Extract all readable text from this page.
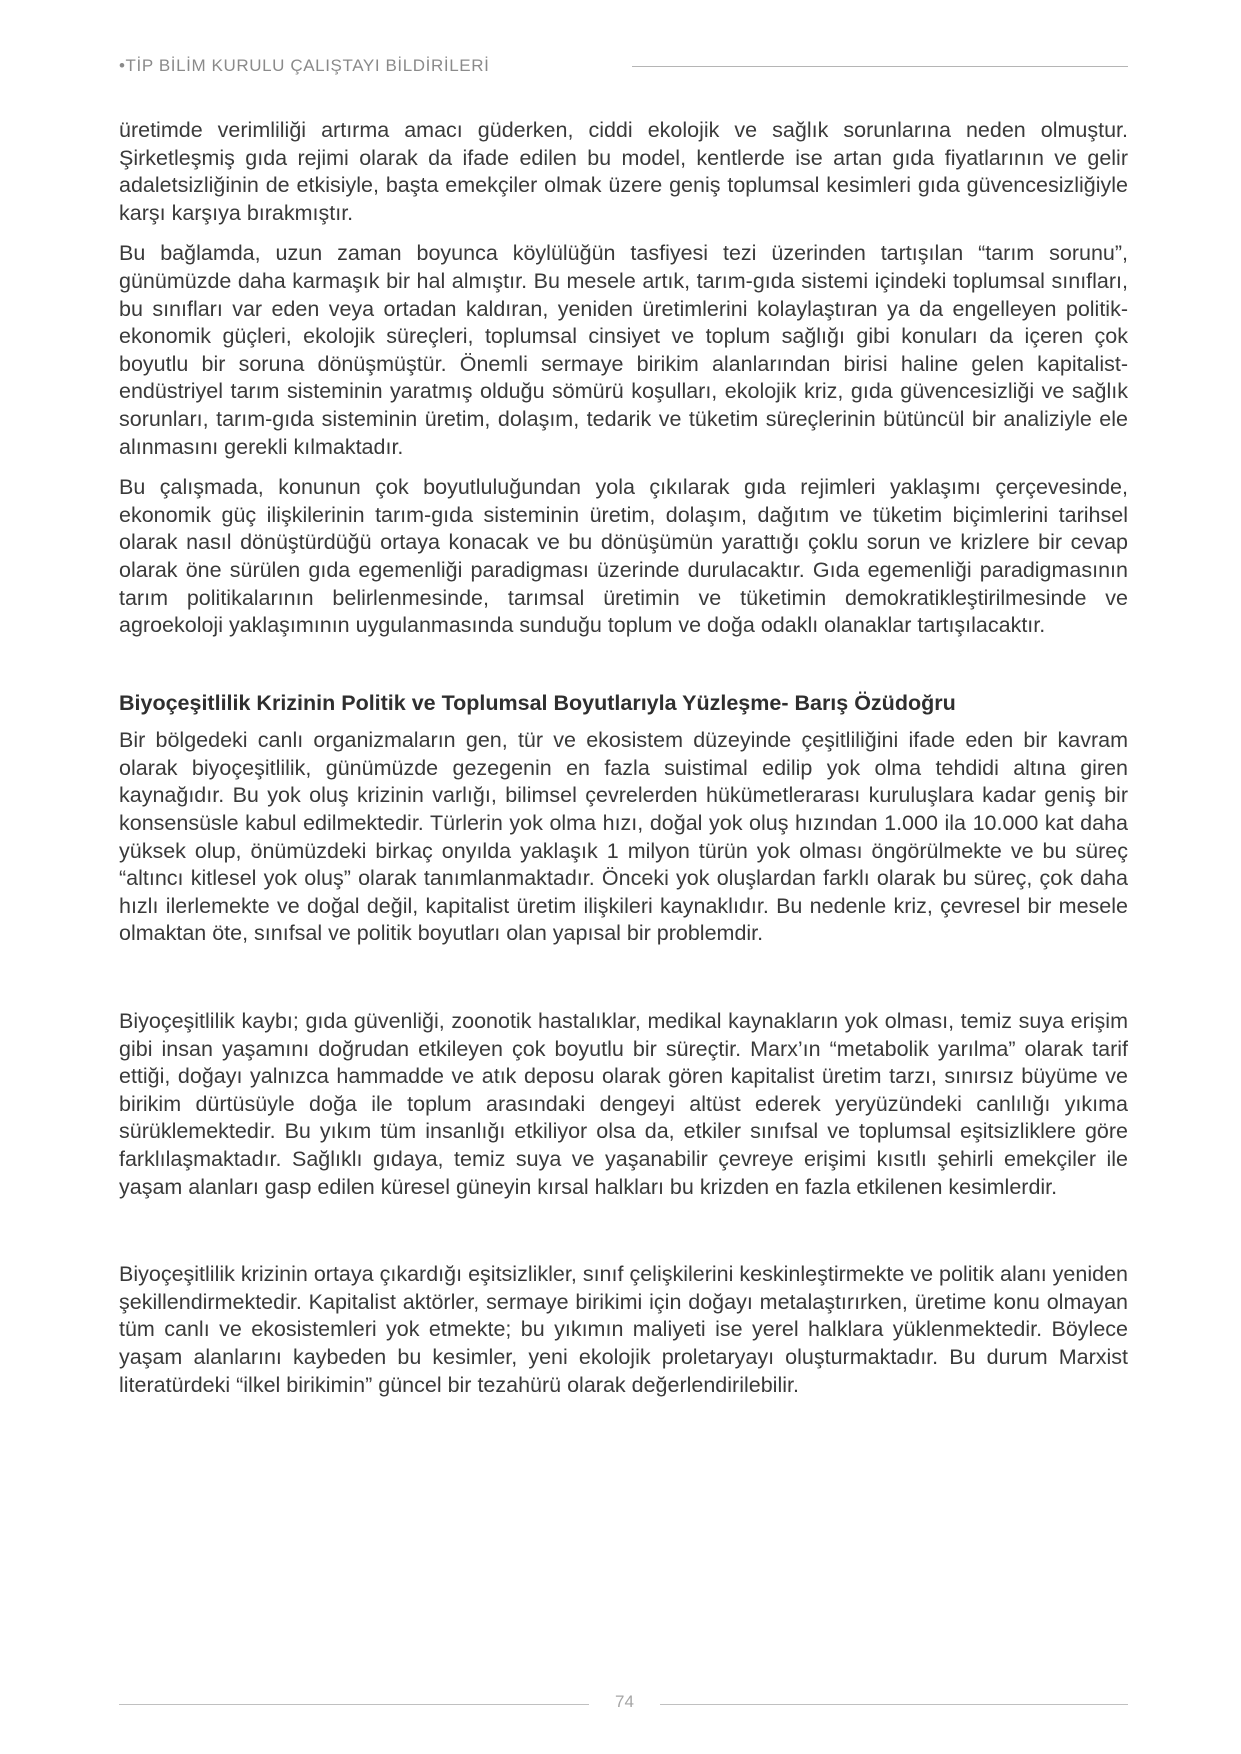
•TİP BİLİM KURULU ÇALIŞTAYI BİLDİRİLERİ

üretimde verimliliği artırma amacı güderken, ciddi ekolojik ve sağlık sorunlarına neden olmuştur. Şirketleşmiş gıda rejimi olarak da ifade edilen bu model, kentlerde ise artan gıda fiyatlarının ve gelir adaletsizliğinin de etkisiyle, başta emekçiler olmak üzere geniş toplumsal kesimleri gıda güvencesizliğiyle karşı karşıya bırakmıştır.

Bu bağlamda, uzun zaman boyunca köylülüğün tasfiyesi tezi üzerinden tartışılan “tarım sorunu”, günümüzde daha karmaşık bir hal almıştır. Bu mesele artık, tarım-gıda sistemi içindeki toplumsal sınıfları, bu sınıfları var eden veya ortadan kaldıran, yeniden üretimlerini kolaylaştıran ya da engelleyen politik-ekonomik güçleri, ekolojik süreçleri, toplumsal cinsiyet ve toplum sağlığı gibi konuları da içeren çok boyutlu bir soruna dönüşmüştür. Önemli sermaye birikim alanlarından birisi haline gelen kapitalist-endüstriyel tarım sisteminin yaratmış olduğu sömürü koşulları, ekolojik kriz, gıda güvencesizliği ve sağlık sorunları, tarım-gıda sisteminin üretim, dolaşım, tedarik ve tüketim süreçlerinin bütüncül bir analiziyle ele alınmasını gerekli kılmaktadır.

Bu çalışmada, konunun çok boyutluluğundan yola çıkılarak gıda rejimleri yaklaşımı çerçevesinde, ekonomik güç ilişkilerinin tarım-gıda sisteminin üretim, dolaşım, dağıtım ve tüketim biçimlerini tarihsel olarak nasıl dönüştürdüğü ortaya konacak ve bu dönüşümün yarattığı çoklu sorun ve krizlere bir cevap olarak öne sürülen gıda egemenliği paradigması üzerinde durulacaktır. Gıda egemenliği paradigmasının tarım politikalarının belirlenmesinde, tarımsal üretimin ve tüketimin demokratikleştirilmesinde ve agroekoloji yaklaşımının uygulanmasında sunduğu toplum ve doğa odaklı olanaklar tartışılacaktır.

Biyoçeşitlilik Krizinin Politik ve Toplumsal Boyutlarıyla Yüzleşme- Barış Özüdoğru

Bir bölgedeki canlı organizmaların gen, tür ve ekosistem düzeyinde çeşitliliğini ifade eden bir kavram olarak biyoçeşitlilik, günümüzde gezegenin en fazla suistimal edilip yok olma tehdidi altına giren kaynağıdır. Bu yok oluş krizinin varlığı, bilimsel çevrelerden hükümetlerarası kuruluşlara kadar geniş bir konsensüsle kabul edilmektedir. Türlerin yok olma hızı, doğal yok oluş hızından 1.000 ila 10.000 kat daha yüksek olup, önümüzdeki birkaç onyılda yaklaşık 1 milyon türün yok olması öngörülmekte ve bu süreç “altıncı kitlesel yok oluş” olarak tanımlanmaktadır. Önceki yok oluşlardan farklı olarak bu süreç, çok daha hızlı ilerlemekte ve doğal değil, kapitalist üretim ilişkileri kaynaklıdır. Bu nedenle kriz, çevresel bir mesele olmaktan öte, sınıfsal ve politik boyutları olan yapısal bir problemdir.

Biyoçeşitlilik kaybı; gıda güvenliği, zoonotik hastalıklar, medikal kaynakların yok olması, temiz suya erişim gibi insan yaşamını doğrudan etkileyen çok boyutlu bir süreçtir. Marx’ın “metabolik yarılma” olarak tarif ettiği, doğayı yalnızca hammadde ve atık deposu olarak gören kapitalist üretim tarzı, sınırsız büyüme ve birikim dürtüsüyle doğa ile toplum arasındaki dengeyi altüst ederek yeryüzündeki canlılığı yıkıma sürüklemektedir. Bu yıkım tüm insanlığı etkiliyor olsa da, etkiler sınıfsal ve toplumsal eşitsizliklere göre farklılaşmaktadır. Sağlıklı gıdaya, temiz suya ve yaşanabilir çevreye erişimi kısıtlı şehirli emekçiler ile yaşam alanları gasp edilen küresel güneyin kırsal halkları bu krizden en fazla etkilenen kesimlerdir.

Biyoçeşitlilik krizinin ortaya çıkardığı eşitsizlikler, sınıf çelişkilerini keskinleştirmekte ve politik alanı yeniden şekillendirmektedir. Kapitalist aktörler, sermaye birikimi için doğayı metalaştırırken, üretime konu olmayan tüm canlı ve ekosistemleri yok etmekte; bu yıkımın maliyeti ise yerel halklara yüklenmektedir. Böylece yaşam alanlarını kaybeden bu kesimler, yeni ekolojik proletaryayı oluşturmaktadır. Bu durum Marxist literatürdeki “ilkel birikimin” güncel bir tezahürü olarak değerlendirilebilir.

74
